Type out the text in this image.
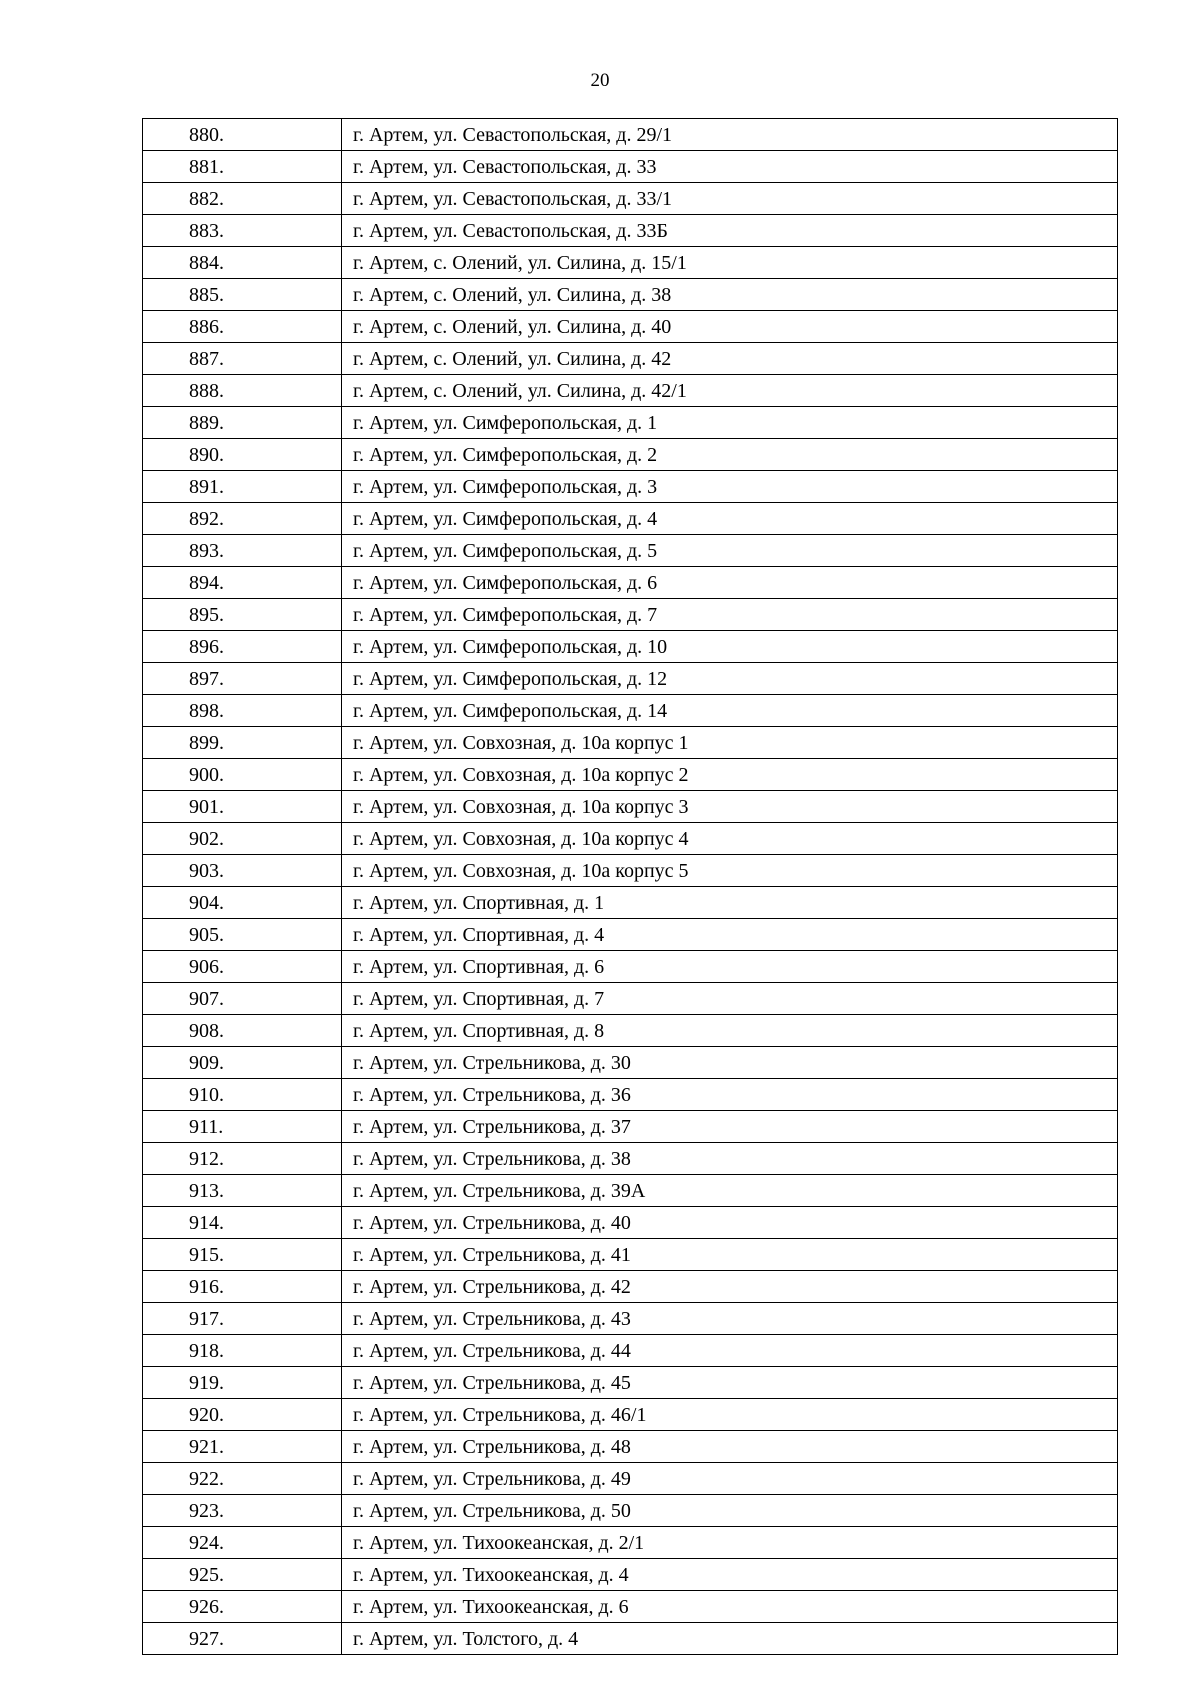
20
880.	г. Артем, ул. Севастопольская, д. 29/1
881.	г. Артем, ул. Севастопольская, д. 33
882.	г. Артем, ул. Севастопольская, д. 33/1
883.	г. Артем, ул. Севастопольская, д. 33Б
884.	г. Артем, с. Олений, ул. Силина, д. 15/1
885.	г. Артем, с. Олений, ул. Силина, д. 38
886.	г. Артем, с. Олений, ул. Силина, д. 40
887.	г. Артем, с. Олений, ул. Силина, д. 42
888.	г. Артем, с. Олений, ул. Силина, д. 42/1
889.	г. Артем, ул. Симферопольская, д. 1
890.	г. Артем, ул. Симферопольская, д. 2
891.	г. Артем, ул. Симферопольская, д. 3
892.	г. Артем, ул. Симферопольская, д. 4
893.	г. Артем, ул. Симферопольская, д. 5
894.	г. Артем, ул. Симферопольская, д. 6
895.	г. Артем, ул. Симферопольская, д. 7
896.	г. Артем, ул. Симферопольская, д. 10
897.	г. Артем, ул. Симферопольская, д. 12
898.	г. Артем, ул. Симферопольская, д. 14
899.	г. Артем, ул. Совхозная, д. 10а корпус 1
900.	г. Артем, ул. Совхозная, д. 10а корпус 2
901.	г. Артем, ул. Совхозная, д. 10а корпус 3
902.	г. Артем, ул. Совхозная, д. 10а корпус 4
903.	г. Артем, ул. Совхозная, д. 10а корпус 5
904.	г. Артем, ул. Спортивная, д. 1
905.	г. Артем, ул. Спортивная, д. 4
906.	г. Артем, ул. Спортивная, д. 6
907.	г. Артем, ул. Спортивная, д. 7
908.	г. Артем, ул. Спортивная, д. 8
909.	г. Артем, ул. Стрельникова, д. 30
910.	г. Артем, ул. Стрельникова, д. 36
911.	г. Артем, ул. Стрельникова, д. 37
912.	г. Артем, ул. Стрельникова, д. 38
913.	г. Артем, ул. Стрельникова, д. 39А
914.	г. Артем, ул. Стрельникова, д. 40
915.	г. Артем, ул. Стрельникова, д. 41
916.	г. Артем, ул. Стрельникова, д. 42
917.	г. Артем, ул. Стрельникова, д. 43
918.	г. Артем, ул. Стрельникова, д. 44
919.	г. Артем, ул. Стрельникова, д. 45
920.	г. Артем, ул. Стрельникова, д. 46/1
921.	г. Артем, ул. Стрельникова, д. 48
922.	г. Артем, ул. Стрельникова, д. 49
923.	г. Артем, ул. Стрельникова, д. 50
924.	г. Артем, ул. Тихоокеанская, д. 2/1
925.	г. Артем, ул. Тихоокеанская, д. 4
926.	г. Артем, ул. Тихоокеанская, д. 6
927.	г. Артем, ул. Толстого, д. 4
